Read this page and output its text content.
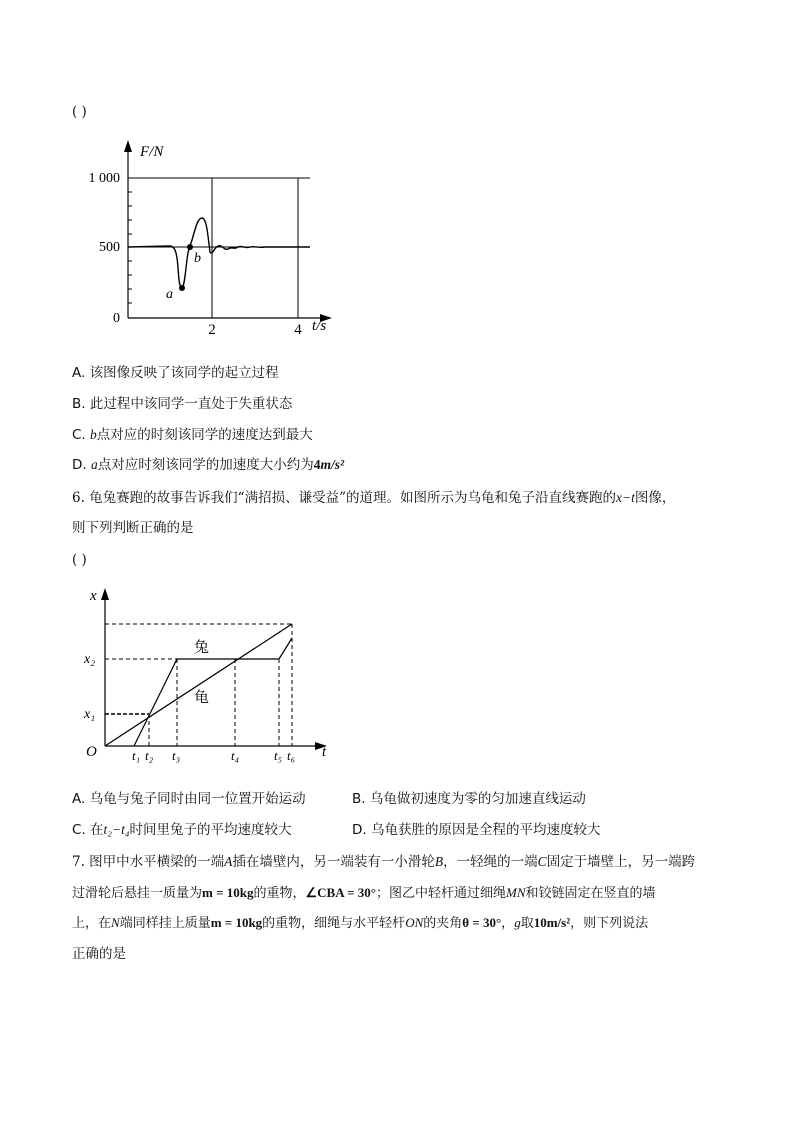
( )
F/N
1 000
500
0
2	4 t/s
a
b
A. 该图像反映了该同学的起立过程
B. 此过程中该同学一直处于失重状态
C. b点对应的时刻该同学的速度达到最大
D. a点对应时刻该同学的加速度大小约为4m/s²
6. 龟兔赛跑的故事告诉我们“满招损、谦受益”的道理。如图所示为乌龟和兔子沿直线赛跑的x−t图像，
则下列判断正确的是
( )
x
t
O
x₂
x₁
t₁ t₂ t₃	t₄	t₅ t₆
兔
龟
A. 乌龟与兔子同时由同一位置开始运动	B. 乌龟做初速度为零的匀加速直线运动
C. 在t₂−t₄时间里兔子的平均速度较大	D. 乌龟获胜的原因是全程的平均速度较大
7. 图甲中水平横梁的一端A插在墙壁内，另一端装有一小滑轮B，一轻绳的一端C固定于墙壁上，另一端跨
过滑轮后悬挂一质量为m = 10kg的重物，∠CBA = 30°；图乙中轻杆通过细绳MN和铰链固定在竖直的墙
上，在N端同样挂上质量m = 10kg的重物，细绳与水平轻杆ON的夹角θ = 30°，g取10m/s²，则下列说法
正确的是
